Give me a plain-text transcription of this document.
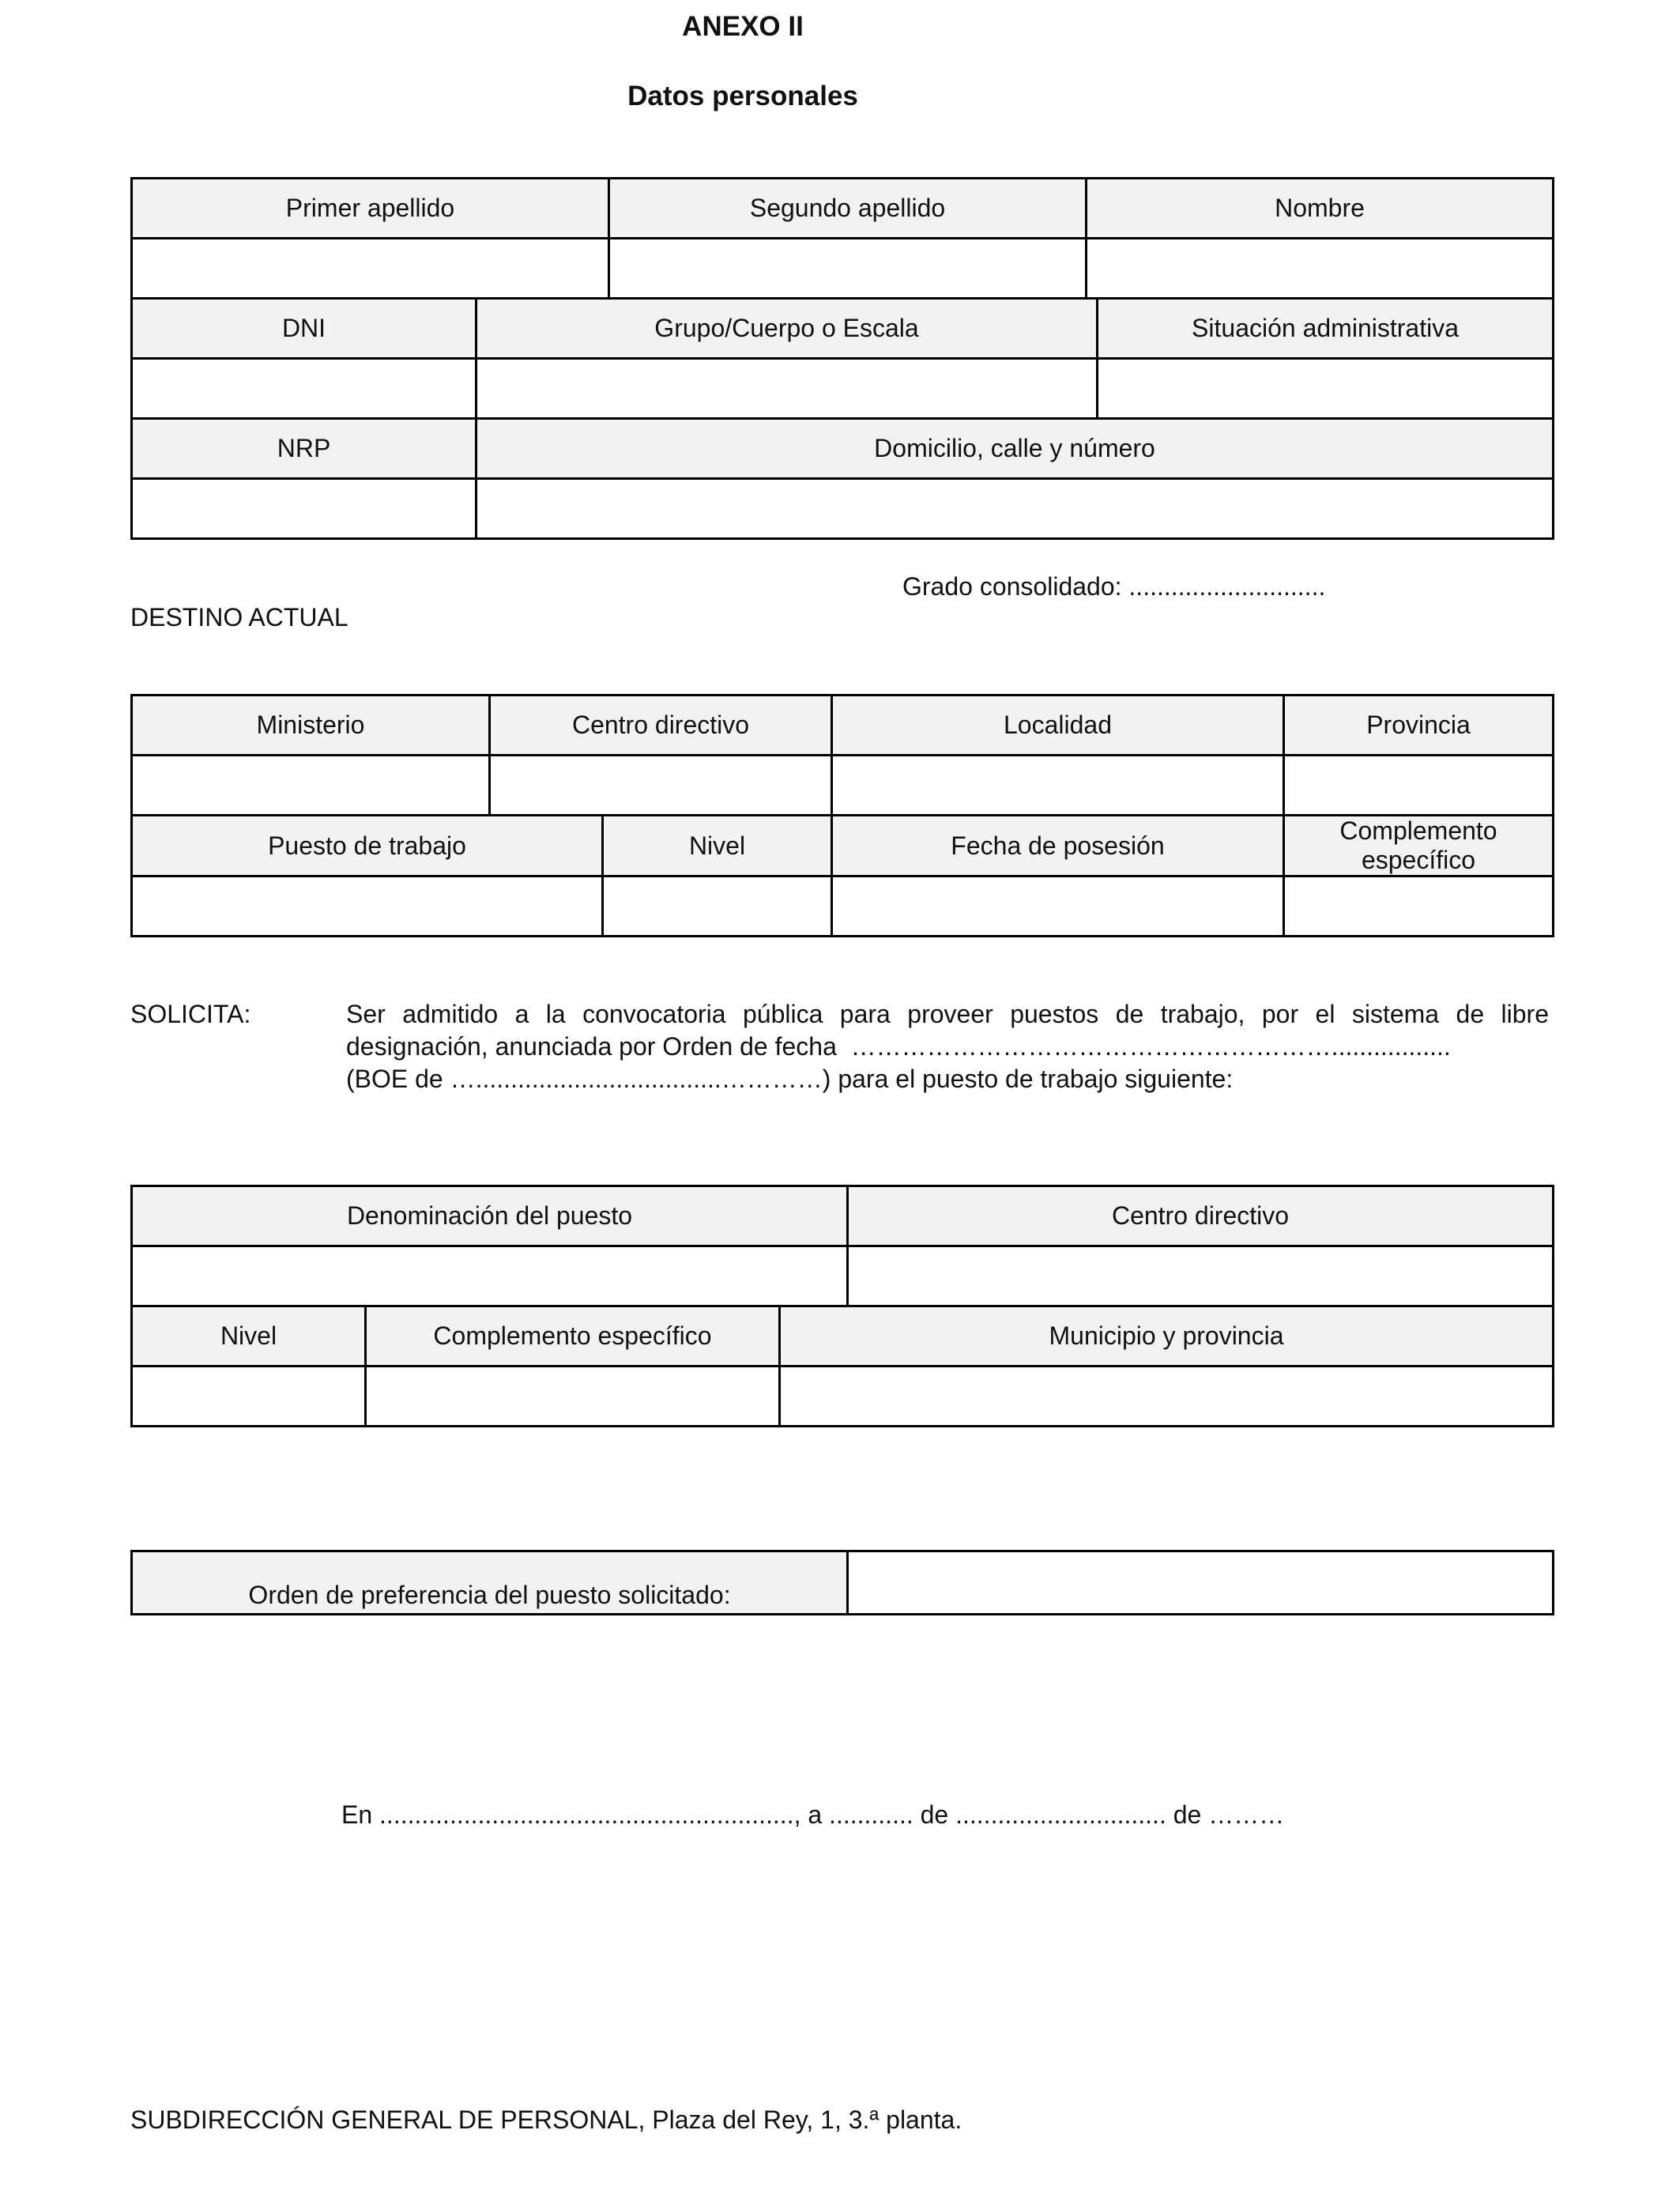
ANEXO II
Datos personales
Primer apellido		Segundo apellido	Nombre	

DNI	Grupo/Cuerpo o Escala			Situación administrativa

NRP	Domicilio, calle y número			

Grado consolidado: ............................
DESTINO ACTUAL
Ministerio	Centro directivo		Localidad	Provincia

Puesto de trabajo		Nivel	Fecha de posesión	Complemento específico

SOLICITA:	Ser admitido a la convocatoria pública para proveer puestos de trabajo, por el sistema de libre
designación, anunciada por Orden de fecha  ………………………………………………….................
(BOE de …...................................…………) para el puesto de trabajo siguiente:
Denominación del puesto			Centro directivo

Nivel	Complemento específico	Municipio y provincia	

Orden de preferencia del puesto solicitado:	
En ..........................................................., a ............ de .............................. de ………
SUBDIRECCIÓN GENERAL DE PERSONAL, Plaza del Rey, 1, 3.ª planta.
